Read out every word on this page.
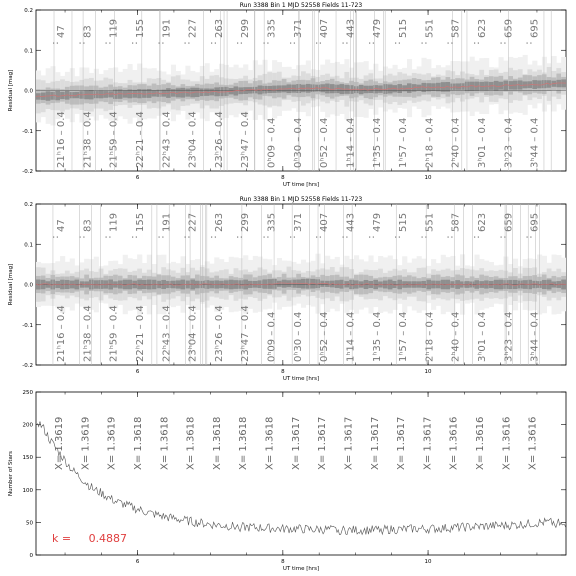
Run 3388 Bin 1 MJD 52558 Fields 11-723
6	8	10
0.2
0.1
0.0
-0.1
-0.2
UT time [hrs]
Residual [mag]
:
47
21ʰ16 – 0.4
:
83
21ʰ38 – 0.4
:
119
21ʰ59 – 0.4
:
155
22ʰ21 – 0.4
:
191
22ʰ43 – 0.4
:
227
23ʰ04 – 0.4
:
263
23ʰ26 – 0.4
:
299
23ʰ47 – 0.4
:
335
0ʰ09 – 0.4
:
371
0ʰ30 – 0.4
:
407
0ʰ52 – 0.4
:
443
1ʰ14 – 0.4
:
479
1ʰ35 – 0.4
:
515
1ʰ57 – 0.4
:
551
2ʰ18 – 0.4
:
587
2ʰ40 – 0.4
:
623
3ʰ01 – 0.4
:
659
3ʰ23 – 0.4
:
695
3ʰ44 – 0.4
Run 3388 Bin 1 MJD 52558 Fields 11-723
6	8	10
0.2
0.1
0.0
-0.1
-0.2
UT time [hrs]
Residual [mag]
:
47
21ʰ16 – 0.4
:
83
21ʰ38 – 0.4
:
119
21ʰ59 – 0.4
:
155
22ʰ21 – 0.4
:
191
22ʰ43 – 0.4
:
227
23ʰ04 – 0.4
:
263
23ʰ26 – 0.4
:
299
23ʰ47 – 0.4
:
335
0ʰ09 – 0.4
:
371
0ʰ30 – 0.4
:
407
0ʰ52 – 0.4
:
443
1ʰ14 – 0.4
:
479
1ʰ35 – 0.4
:
515
1ʰ57 – 0.4
:
551
2ʰ18 – 0.4
:
587
2ʰ40 – 0.4
:
623
3ʰ01 – 0.4
:
659
3ʰ23 – 0.4
:
695
3ʰ44 – 0.4
6	8	10
250
200
150
100
50
0
UT time [hrs]
Number of Stars
X= 1.3619 X= 1.3619 X= 1.3619 X= 1.3618 X= 1.3618 X= 1.3618 X= 1.3618 X= 1.3618 X= 1.3618 X= 1.3617 X= 1.3617 X= 1.3617 X= 1.3617 X= 1.3617 X= 1.3617 X= 1.3616 X= 1.3616 X= 1.3616 X= 1.3616
k =     0.4887
